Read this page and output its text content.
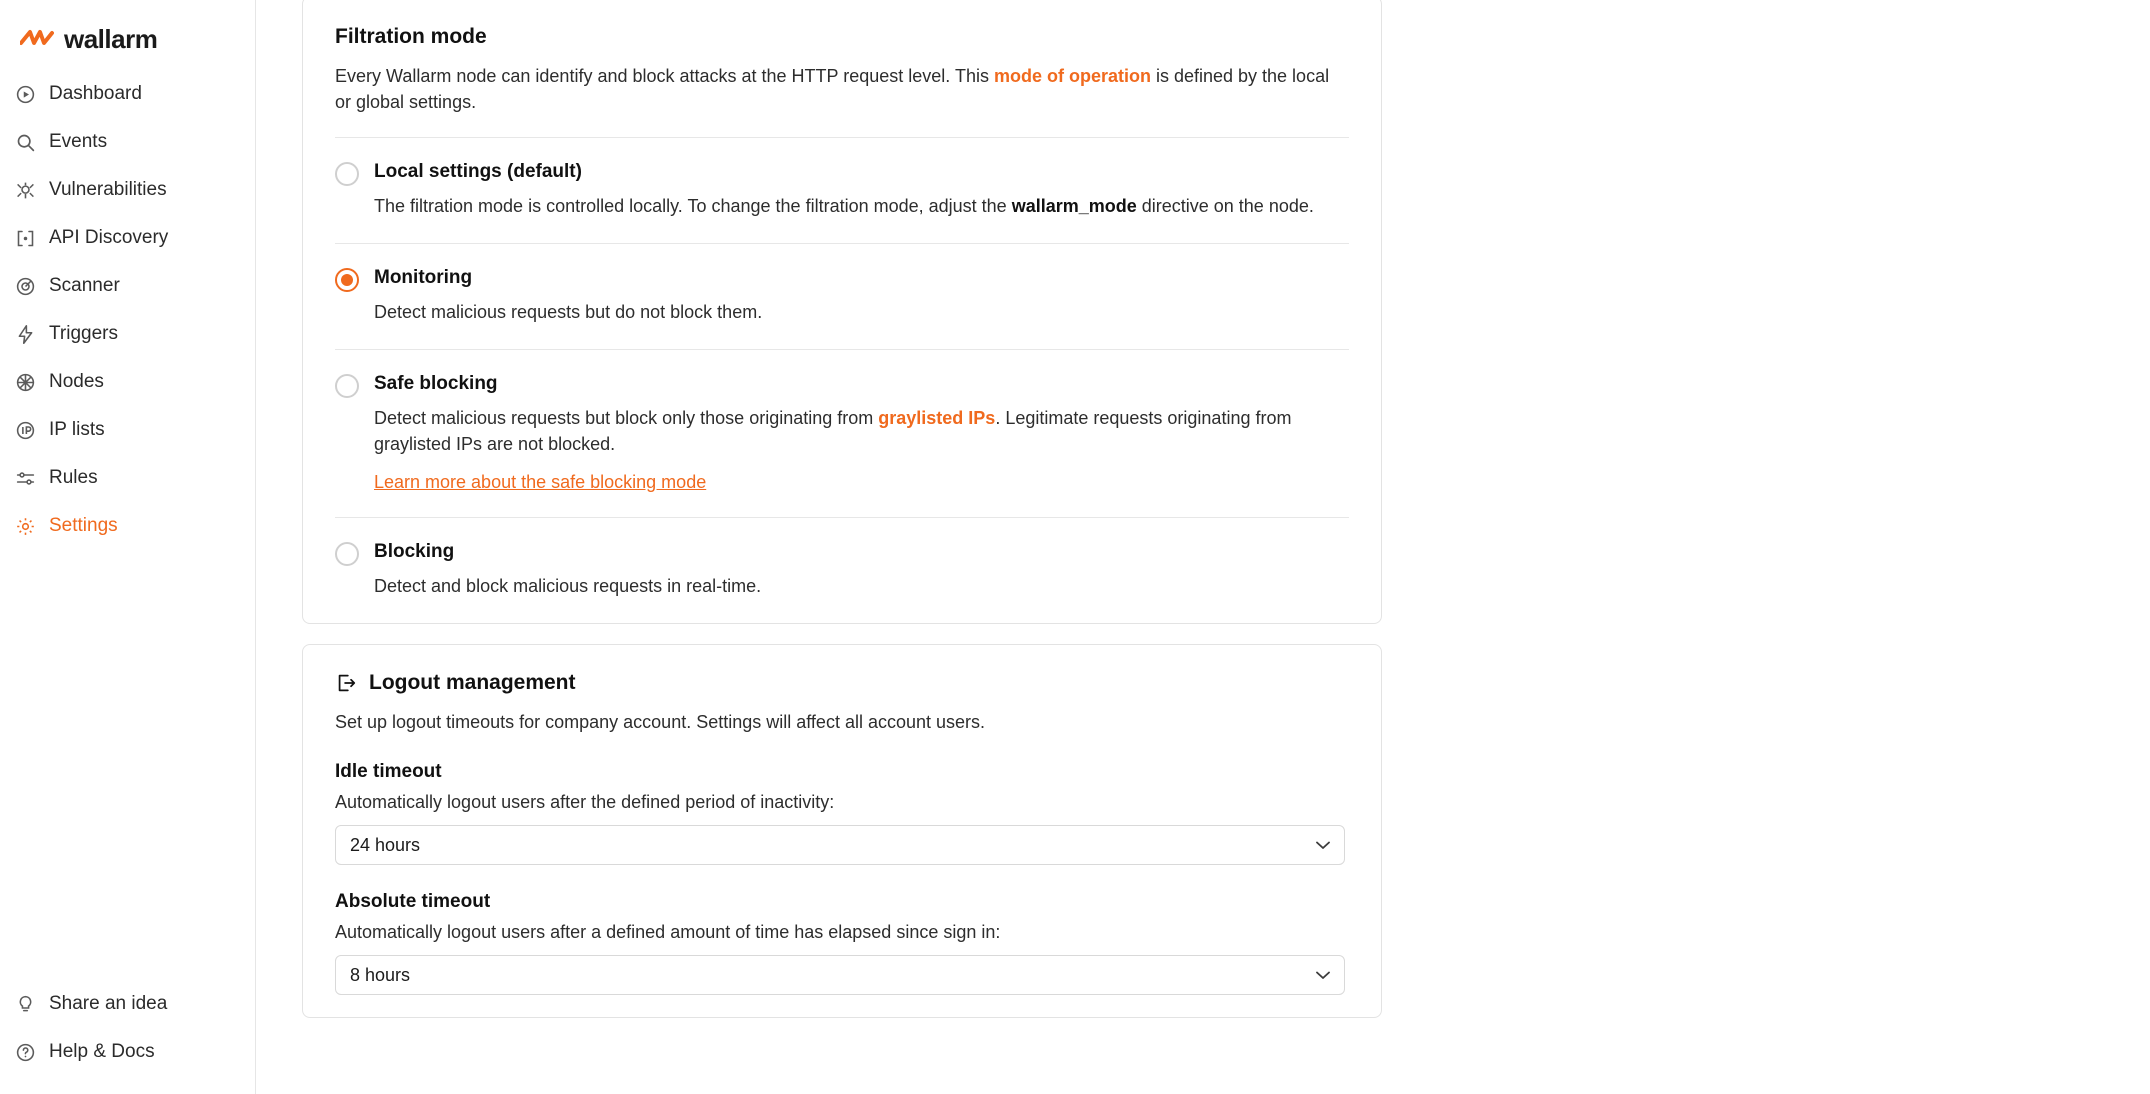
wallarm
Dashboard
Events
Vulnerabilities
API Discovery
Scanner
Triggers
Nodes
IP lists
Rules
Settings
Share an idea
Help & Docs
Filtration mode
Every Wallarm node can identify and block attacks at the HTTP request level. This mode of operation is defined by the local or global settings.
Local settings (default)
The filtration mode is controlled locally. To change the filtration mode, adjust the wallarm_mode directive on the node.
Monitoring
Detect malicious requests but do not block them.
Safe blocking
Detect malicious requests but block only those originating from graylisted IPs. Legitimate requests originating from graylisted IPs are not blocked.
Learn more about the safe blocking mode
Blocking
Detect and block malicious requests in real-time.
Logout management
Set up logout timeouts for company account. Settings will affect all account users.
Idle timeout
Automatically logout users after the defined period of inactivity:
24 hours
Absolute timeout
Automatically logout users after a defined amount of time has elapsed since sign in:
8 hours
